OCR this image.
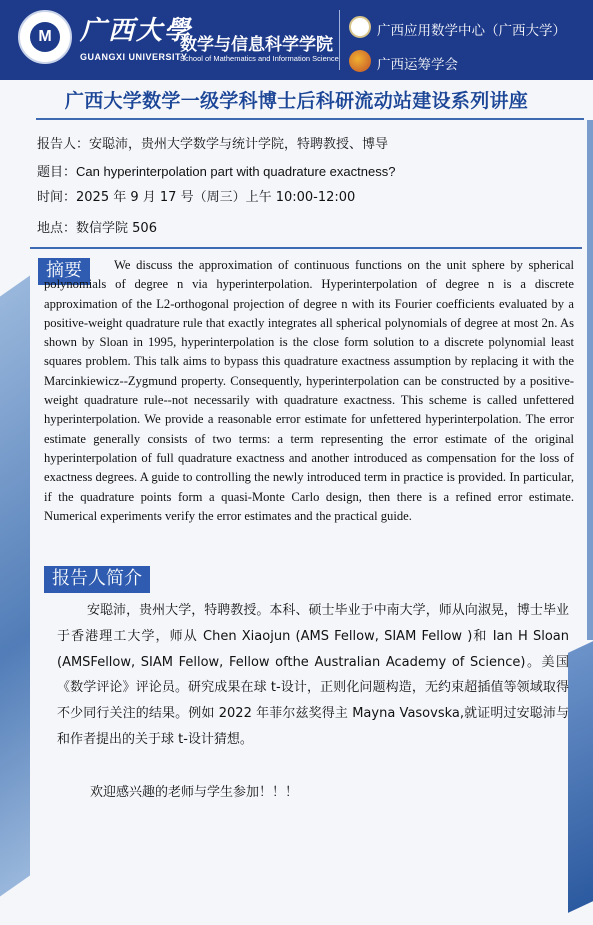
M	广西大學
GUANGXI UNIVERSITY
数学与信息科学学院
School of Mathematics and Information Science
广西应用数学中心（广西大学）
广西运筹学会
广西大学数学一级学科博士后科研流动站建设系列讲座
报告人：安聪沛，贵州大学数学与统计学院，特聘教授、博导
题目：Can hyperinterpolation part with quadrature exactness?
时间：2025 年 9 月 17 号（周三）上午 10:00-12:00
地点：数信学院 506
摘要	We discuss the approximation of continuous functions on the unit sphere by spherical polynomials of degree n via hyperinterpolation. Hyperinterpolation of degree n is a discrete approximation of the L2-orthogonal projection of degree n with its Fourier coefficients evaluated by a positive-weight quadrature rule that exactly integrates all spherical polynomials of degree at most 2n. As shown by Sloan in 1995, hyperinterpolation is the close form solution to a discrete polynomial least squares problem. This talk aims to bypass this quadrature exactness assumption by replacing it with the Marcinkiewicz--Zygmund property. Consequently, hyperinterpolation can be constructed by a positive-weight quadrature rule--not necessarily with quadrature exactness. This scheme is called unfettered hyperinterpolation. We provide a reasonable error estimate for unfettered hyperinterpolation. The error estimate generally consists of two terms: a term representing the error estimate of the original hyperinterpolation of full quadrature exactness and another introduced as compensation for the loss of exactness degrees. A guide to controlling the newly introduced term in practice is provided. In particular, if the quadrature points form a quasi-Monte Carlo design, then there is a refined error estimate. Numerical experiments verify the error estimates and the practical guide.
报告人简介
安聪沛，贵州大学，特聘教授。本科、硕士毕业于中南大学，师从向淑晃，博士毕业于香港理工大学，师从 Chen Xiaojun (AMS Fellow, SIAM Fellow )和 Ian H Sloan (AMSFellow, SIAM Fellow, Fellow ofthe Australian Academy of Science)。美国《数学评论》评论员。研究成果在球 t-设计，正则化问题构造，无约束超插值等领域取得不少同行关注的结果。例如 2022 年菲尔兹奖得主 Mayna Vasovska,就证明过安聪沛与和作者提出的关于球 t-设计猜想。
欢迎感兴趣的老师与学生参加！！！
